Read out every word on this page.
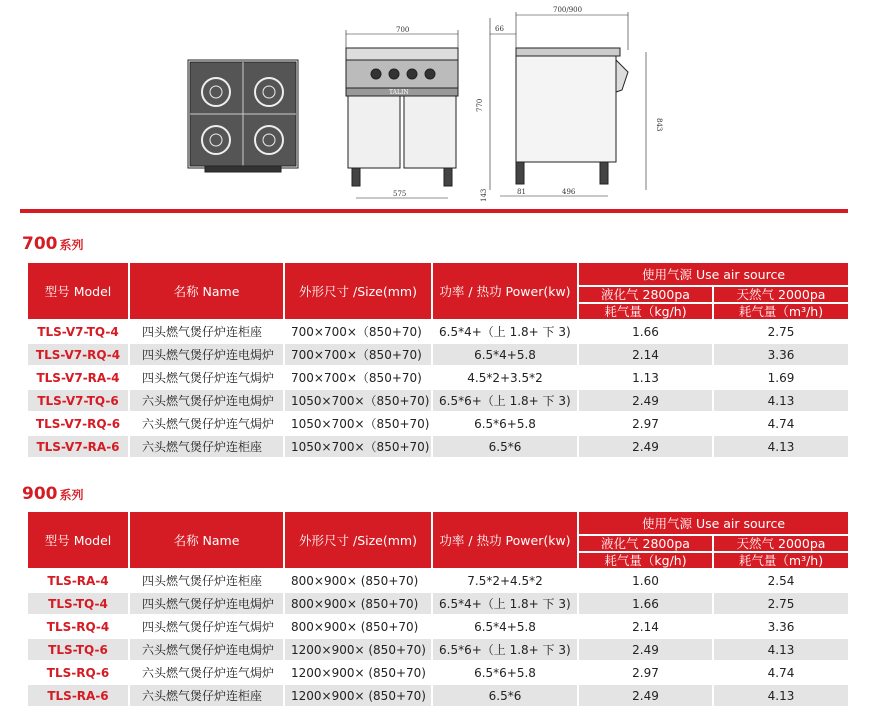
700
575
TALIN
700/900
66
770
843
81	496
143
700 系列
型号 Model	名称 Name	外形尺寸 /Size(mm)	功率 / 热功 Power(kw)	使用气源 Use air source	
				液化气 2800pa	天然气 2000pa
				耗气量（kg/h)	耗气量（m³/h)
TLS-V7-TQ-4	四头燃气煲仔炉连柜座	700×700×（850+70)	6.5*4+（上 1.8+ 下 3)	1.66	2.75
TLS-V7-RQ-4	四头燃气煲仔炉连电焗炉	700×700×（850+70)	6.5*4+5.8	2.14	3.36
TLS-V7-RA-4	四头燃气煲仔炉连气焗炉	700×700×（850+70)	4.5*2+3.5*2	1.13	1.69
TLS-V7-TQ-6	六头燃气煲仔炉连电焗炉	1050×700×（850+70)	6.5*6+（上 1.8+ 下 3)	2.49	4.13
TLS-V7-RQ-6	六头燃气煲仔炉连气焗炉	1050×700×（850+70)	6.5*6+5.8	2.97	4.74
TLS-V7-RA-6	六头燃气煲仔炉连柜座	1050×700×（850+70)	6.5*6	2.49	4.13
900 系列
型号 Model	名称 Name	外形尺寸 /Size(mm)	功率 / 热功 Power(kw)	使用气源 Use air source	
				液化气 2800pa	天然气 2000pa
				耗气量（kg/h)	耗气量（m³/h)
TLS-RA-4	四头燃气煲仔炉连柜座	800×900× (850+70)	7.5*2+4.5*2	1.60	2.54
TLS-TQ-4	四头燃气煲仔炉连电焗炉	800×900× (850+70)	6.5*4+（上 1.8+ 下 3)	1.66	2.75
TLS-RQ-4	四头燃气煲仔炉连气焗炉	800×900× (850+70)	6.5*4+5.8	2.14	3.36
TLS-TQ-6	六头燃气煲仔炉连电焗炉	1200×900× (850+70)	6.5*6+（上 1.8+ 下 3)	2.49	4.13
TLS-RQ-6	六头燃气煲仔炉连气焗炉	1200×900× (850+70)	6.5*6+5.8	2.97	4.74
TLS-RA-6	六头燃气煲仔炉连柜座	1200×900× (850+70)	6.5*6	2.49	4.13
